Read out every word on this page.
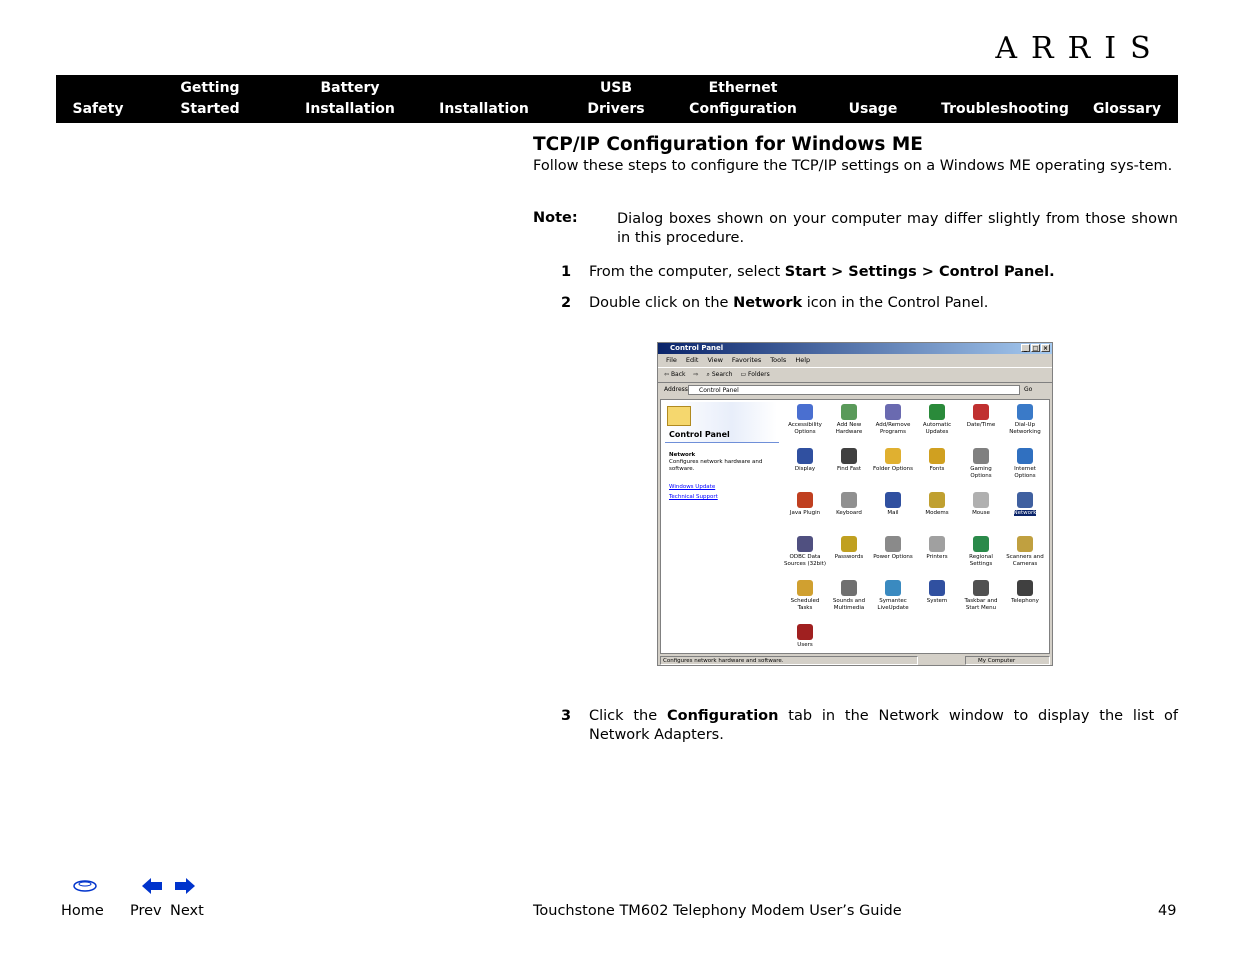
ARRIS
Safety
Getting
Started
Battery
Installation	Installation
USB
Drivers
Ethernet
Configuration	Usage	Troubleshooting	Glossary
TCP/IP Configuration for Windows ME
Follow these steps to configure the TCP/IP settings on a Windows ME operating sys-tem.
Note:	Dialog boxes shown on your computer may differ slightly from those shown in this procedure.
1 From the computer, select Start > Settings > Control Panel.
2 Double click on the Network icon in the Control Panel.
Control Panel	_ □ ×
File Edit View Favorites Tools Help
⇦ Back ⇨ ⌕ Search ▭ Folders
Address	Control Panel	Go
Control Panel
Network
Configures network hardware and software.
Windows Update
Technical Support
Accessibility Options
Add New Hardware
Add/Remove Programs
Automatic Updates
Date/Time	Dial-Up Networking
Display	Find Fast	Folder Options	Fonts	Gaming Options
Internet Options
Java Plugin	Keyboard	Mail	Modems	Mouse	Network
ODBC Data Sources (32bit)
Passwords	Power Options	Printers	Regional Settings
Scanners and Cameras
Scheduled Tasks
Sounds and Multimedia
Symantec LiveUpdate
System	Taskbar and Start Menu
Telephony
Users
Configures network hardware and software.	My Computer
3 Click the Configuration tab in the Network window to display the list of Network Adapters.
Home Prev Next	Touchstone TM602 Telephony Modem User’s Guide	49
